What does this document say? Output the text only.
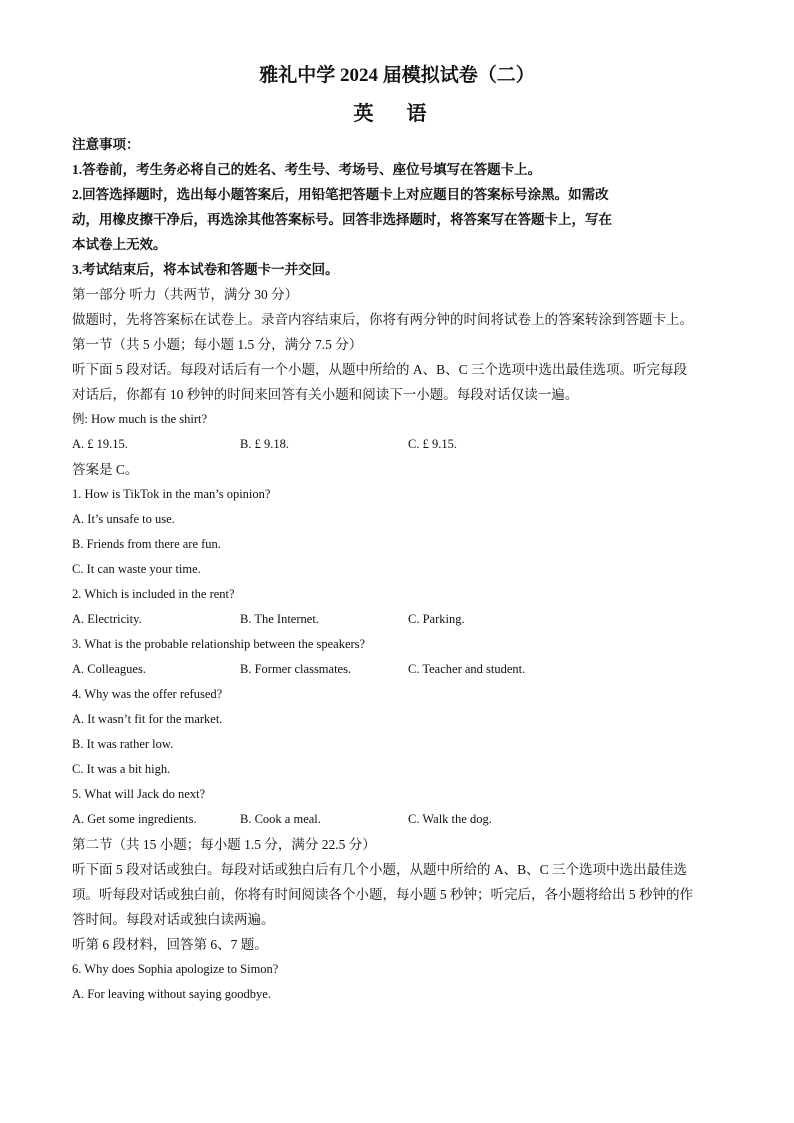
雅礼中学 2024 届模拟试卷（二）

英 语

注意事项：

1.答卷前，考生务必将自己的姓名、考生号、考场号、座位号填写在答题卡上。

2.回答选择题时，选出每小题答案后，用铅笔把答题卡上对应题目的答案标号涂黑。如需改

动，用橡皮擦干净后，再选涂其他答案标号。回答非选择题时，将答案写在答题卡上，写在

本试卷上无效。

3.考试结束后，将本试卷和答题卡一并交回。

第一部分 听力（共两节，满分 30 分）

做题时，先将答案标在试卷上。录音内容结束后，你将有两分钟的时间将试卷上的答案转涂到答题卡上。

第一节（共 5 小题；每小题 1.5 分，满分 7.5 分）

听下面 5 段对话。每段对话后有一个小题，从题中所给的 A、B、C 三个选项中选出最佳选项。听完每段

对话后，你都有 10 秒钟的时间来回答有关小题和阅读下一小题。每段对话仅读一遍。

例: How much is the shirt?

A. £ 19.15.	B. £ 9.18.	C. £ 9.15.

答案是 C。

1. How is TikTok in the man’s opinion?

A. It’s unsafe to use.

B. Friends from there are fun.

C. It can waste your time.

2. Which is included in the rent?

A. Electricity.	B. The Internet.	C. Parking.

3. What is the probable relationship between the speakers?

A. Colleagues.	B. Former classmates.	C. Teacher and student.

4. Why was the offer refused?

A. It wasn’t fit for the market.

B. It was rather low.

C. It was a bit high.

5. What will Jack do next?

A. Get some ingredients.	B. Cook a meal.	C. Walk the dog.

第二节（共 15 小题；每小题 1.5 分，满分 22.5 分）

听下面 5 段对话或独白。每段对话或独白后有几个小题，从题中所给的 A、B、C 三个选项中选出最佳选

项。听每段对话或独白前，你将有时间阅读各个小题，每小题 5 秒钟；听完后，各小题将给出 5 秒钟的作

答时间。每段对话或独白读两遍。

听第 6 段材料，回答第 6、7 题。

6. Why does Sophia apologize to Simon?

A. For leaving without saying goodbye.
